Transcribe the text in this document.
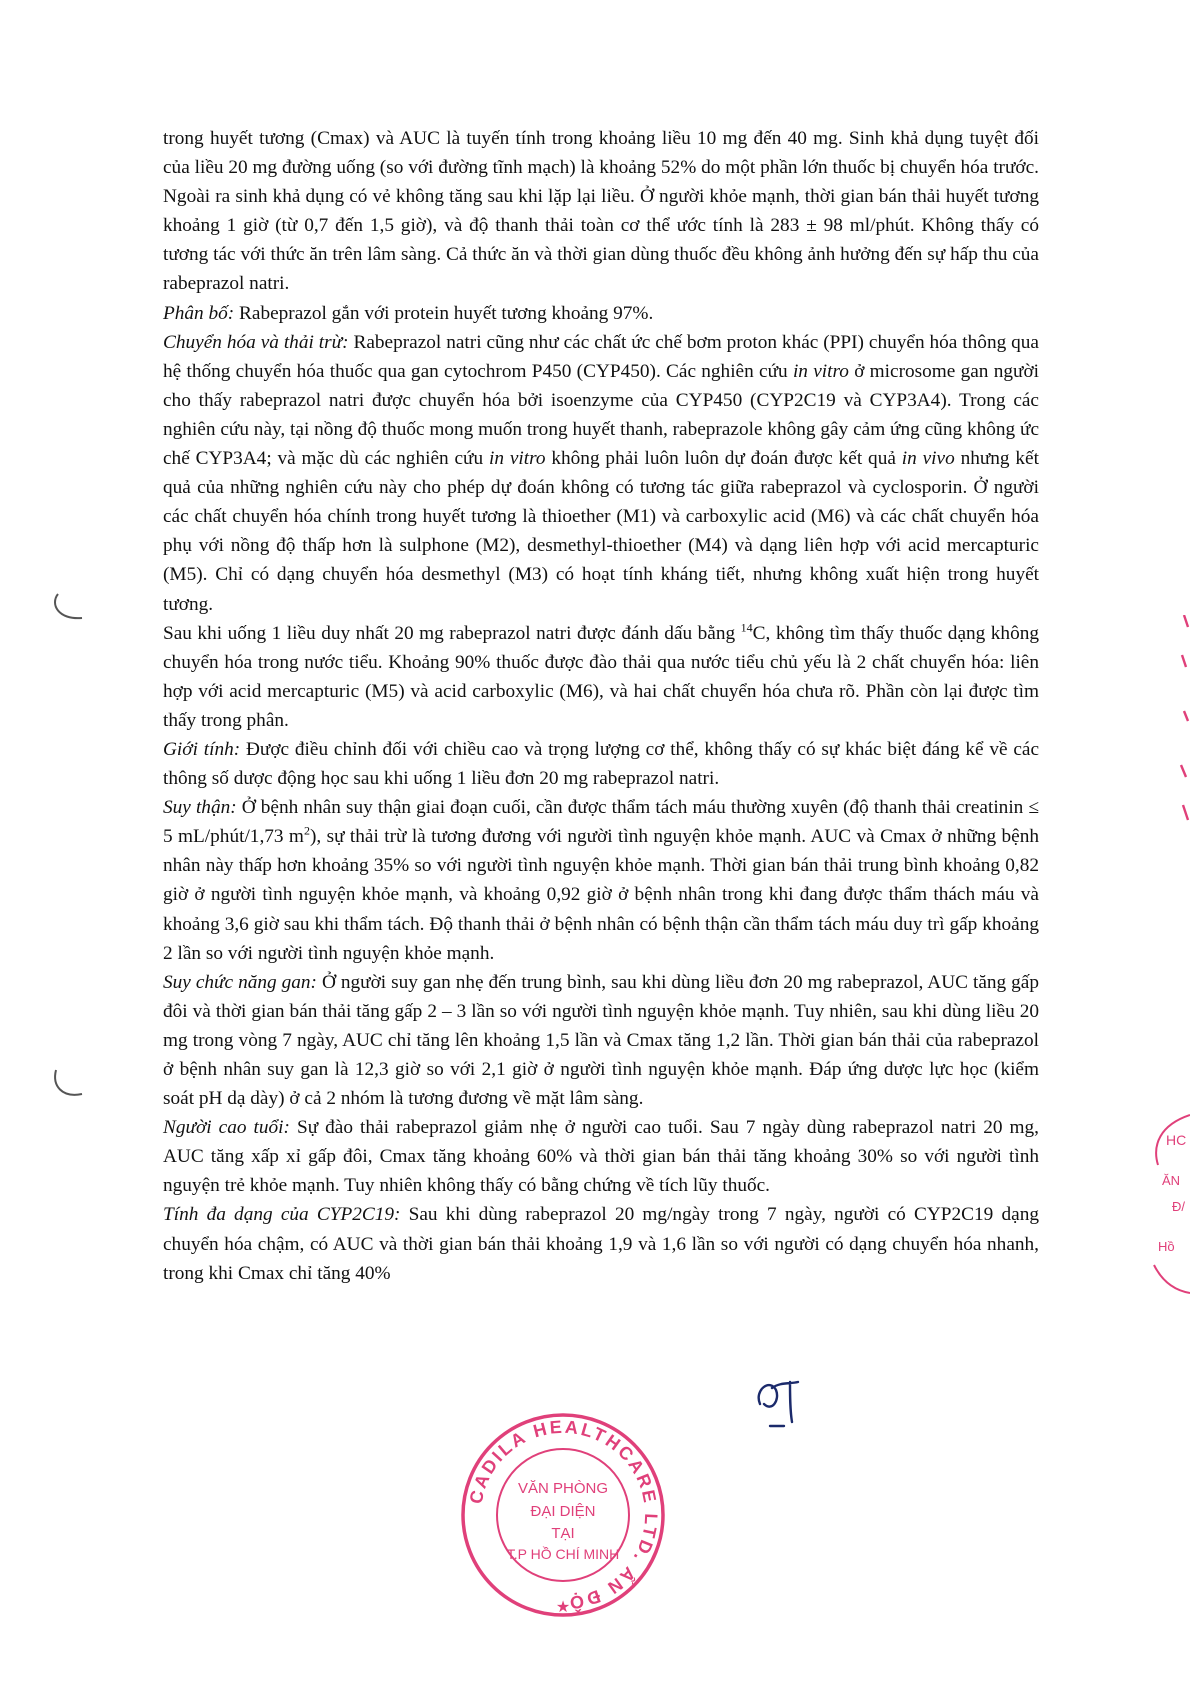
trong huyết tương (Cmax) và AUC là tuyến tính trong khoảng liều 10 mg đến 40 mg. Sinh khả dụng tuyệt đối của liều 20 mg đường uống (so với đường tĩnh mạch) là khoảng 52% do một phần lớn thuốc bị chuyển hóa trước. Ngoài ra sinh khả dụng có vẻ không tăng sau khi lặp lại liều. Ở người khỏe mạnh, thời gian bán thải huyết tương khoảng 1 giờ (từ 0,7 đến 1,5 giờ), và độ thanh thải toàn cơ thể ước tính là 283 ± 98 ml/phút. Không thấy có tương tác với thức ăn trên lâm sàng. Cả thức ăn và thời gian dùng thuốc đều không ảnh hưởng đến sự hấp thu của rabeprazol natri.

Phân bố: Rabeprazol gắn với protein huyết tương khoảng 97%.

Chuyển hóa và thải trừ: Rabeprazol natri cũng như các chất ức chế bơm proton khác (PPI) chuyển hóa thông qua hệ thống chuyển hóa thuốc qua gan cytochrom P450 (CYP450). Các nghiên cứu in vitro ở microsome gan người cho thấy rabeprazol natri được chuyển hóa bởi isoenzyme của CYP450 (CYP2C19 và CYP3A4). Trong các nghiên cứu này, tại nồng độ thuốc mong muốn trong huyết thanh, rabeprazole không gây cảm ứng cũng không ức chế CYP3A4; và mặc dù các nghiên cứu in vitro không phải luôn luôn dự đoán được kết quả in vivo nhưng kết quả của những nghiên cứu này cho phép dự đoán không có tương tác giữa rabeprazol và cyclosporin. Ở người các chất chuyển hóa chính trong huyết tương là thioether (M1) và carboxylic acid (M6) và các chất chuyển hóa phụ với nồng độ thấp hơn là sulphone (M2), desmethyl-thioether (M4) và dạng liên hợp với acid mercapturic (M5). Chỉ có dạng chuyển hóa desmethyl (M3) có hoạt tính kháng tiết, nhưng không xuất hiện trong huyết tương.

Sau khi uống 1 liều duy nhất 20 mg rabeprazol natri được đánh dấu bằng $^{14}$C, không tìm thấy thuốc dạng không chuyển hóa trong nước tiểu. Khoảng 90% thuốc được đào thải qua nước tiểu chủ yếu là 2 chất chuyển hóa: liên hợp với acid mercapturic (M5) và acid carboxylic (M6), và hai chất chuyển hóa chưa rõ. Phần còn lại được tìm thấy trong phân.

Giới tính: Được điều chỉnh đối với chiều cao và trọng lượng cơ thể, không thấy có sự khác biệt đáng kể về các thông số dược động học sau khi uống 1 liều đơn 20 mg rabeprazol natri.

Suy thận: Ở bệnh nhân suy thận giai đoạn cuối, cần được thẩm tách máu thường xuyên (độ thanh thải creatinin ≤ 5 mL/phút/1,73 $m^2$), sự thải trừ là tương đương với người tình nguyện khỏe mạnh. AUC và Cmax ở những bệnh nhân này thấp hơn khoảng 35% so với người tình nguyện khỏe mạnh. Thời gian bán thải trung bình khoảng 0,82 giờ ở người tình nguyện khỏe mạnh, và khoảng 0,92 giờ ở bệnh nhân trong khi đang được thẩm thách máu và khoảng 3,6 giờ sau khi thẩm tách. Độ thanh thải ở bệnh nhân có bệnh thận cần thẩm tách máu duy trì gấp khoảng 2 lần so với người tình nguyện khỏe mạnh.

Suy chức năng gan: Ở người suy gan nhẹ đến trung bình, sau khi dùng liều đơn 20 mg rabeprazol, AUC tăng gấp đôi và thời gian bán thải tăng gấp 2 – 3 lần so với người tình nguyện khỏe mạnh. Tuy nhiên, sau khi dùng liều 20 mg trong vòng 7 ngày, AUC chỉ tăng lên khoảng 1,5 lần và Cmax tăng 1,2 lần. Thời gian bán thải của rabeprazol ở bệnh nhân suy gan là 12,3 giờ so với 2,1 giờ ở người tình nguyện khỏe mạnh. Đáp ứng dược lực học (kiểm soát pH dạ dày) ở cả 2 nhóm là tương đương về mặt lâm sàng.

Người cao tuổi: Sự đào thải rabeprazol giảm nhẹ ở người cao tuổi. Sau 7 ngày dùng rabeprazol natri 20 mg, AUC tăng xấp xỉ gấp đôi, Cmax tăng khoảng 60% và thời gian bán thải tăng khoảng 30% so với người tình nguyện trẻ khỏe mạnh. Tuy nhiên không thấy có bằng chứng về tích lũy thuốc.

Tính đa dạng của CYP2C19: Sau khi dùng rabeprazol 20 mg/ngày trong 7 ngày, người có CYP2C19 dạng chuyển hóa chậm, có AUC và thời gian bán thải khoảng 1,9 và 1,6 lần so với người có dạng chuyển hóa nhanh, trong khi Cmax chỉ tăng 40%

CADILA HEALTHCARE LTD. ẤN ĐỘ
VĂN PHÒNG
ĐẠI DIỆN
TẠI
T.P HỒ CHÍ MINH
★
HC
ĂN
Đ/
Hồ
